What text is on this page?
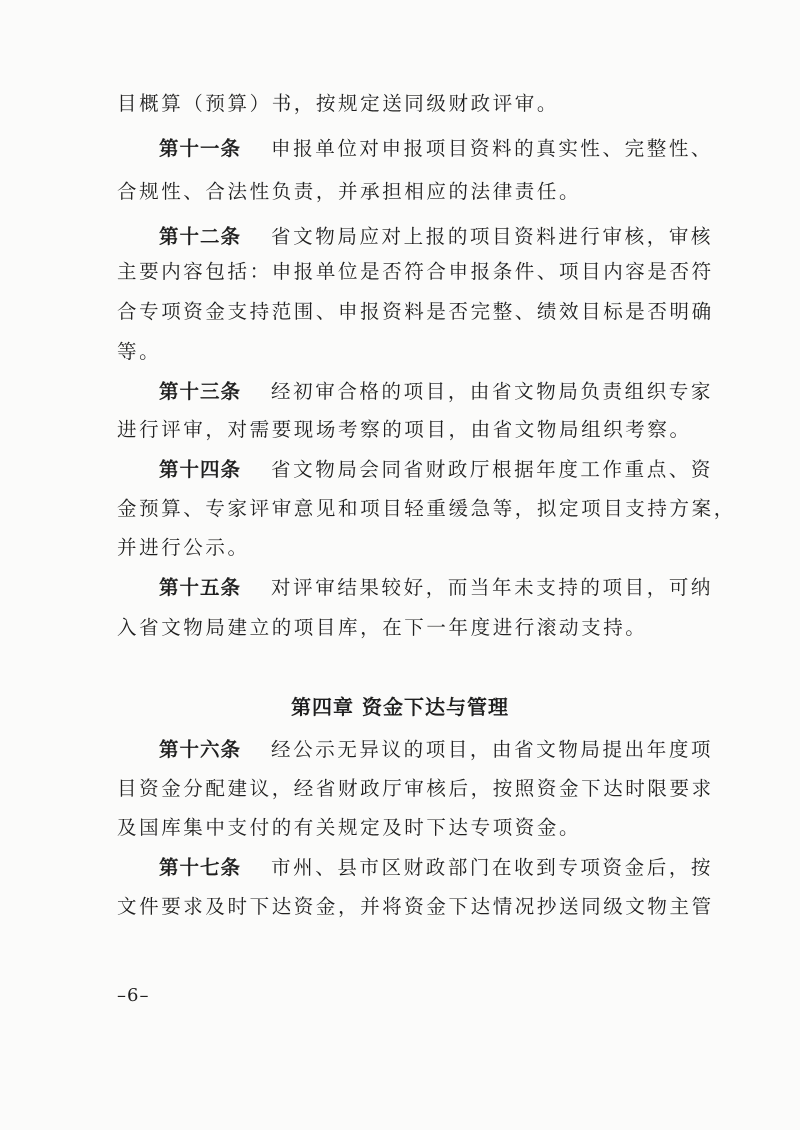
目概算（预算）书，按规定送同级财政评审。
第十一条 申报单位对申报项目资料的真实性、完整性、
合规性、合法性负责，并承担相应的法律责任。
第十二条 省文物局应对上报的项目资料进行审核，审核
主要内容包括：申报单位是否符合申报条件、项目内容是否符
合专项资金支持范围、申报资料是否完整、绩效目标是否明确
等。
第十三条 经初审合格的项目，由省文物局负责组织专家
进行评审，对需要现场考察的项目，由省文物局组织考察。
第十四条 省文物局会同省财政厅根据年度工作重点、资
金预算、专家评审意见和项目轻重缓急等，拟定项目支持方案，
并进行公示。
第十五条 对评审结果较好，而当年未支持的项目，可纳
入省文物局建立的项目库，在下一年度进行滚动支持。
第四章 资金下达与管理
第十六条 经公示无异议的项目，由省文物局提出年度项
目资金分配建议，经省财政厅审核后，按照资金下达时限要求
及国库集中支付的有关规定及时下达专项资金。
第十七条 市州、县市区财政部门在收到专项资金后，按
文件要求及时下达资金，并将资金下达情况抄送同级文物主管
–6–
